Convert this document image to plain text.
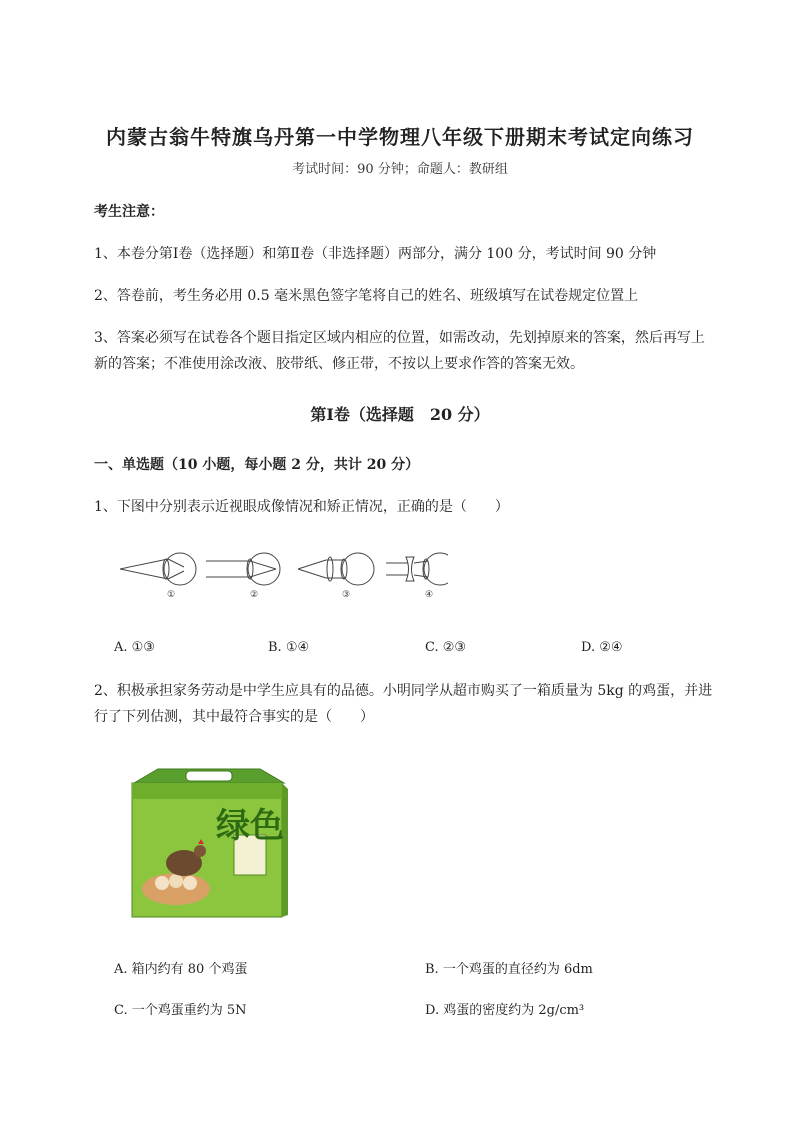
内蒙古翁牛特旗乌丹第一中学物理八年级下册期末考试定向练习
考试时间：90 分钟；命题人：教研组
考生注意：
1、本卷分第Ⅰ卷（选择题）和第Ⅱ卷（非选择题）两部分，满分 100 分，考试时间 90 分钟
2、答卷前，考生务必用 0.5 毫米黑色签字笔将自己的姓名、班级填写在试卷规定位置上
3、答案必须写在试卷各个题目指定区域内相应的位置，如需改动，先划掉原来的答案，然后再写上新的答案；不准使用涂改液、胶带纸、修正带，不按以上要求作答的答案无效。
第Ⅰ卷（选择题　20 分）
一、单选题（10 小题，每小题 2 分，共计 20 分）
1、下图中分别表示近视眼成像情况和矫正情况，正确的是（　　）
①	②	③	④
A. ①③	B. ①④	C. ②③	D. ②④
2、积极承担家务劳动是中学生应具有的品德。小明同学从超市购买了一箱质量为 5kg 的鸡蛋，并进行了下列估测，其中最符合事实的是（　　）
绿色
A. 箱内约有 80 个鸡蛋	B. 一个鸡蛋的直径约为 6dm
C. 一个鸡蛋重约为 5N	D. 鸡蛋的密度约为 2g/cm³
